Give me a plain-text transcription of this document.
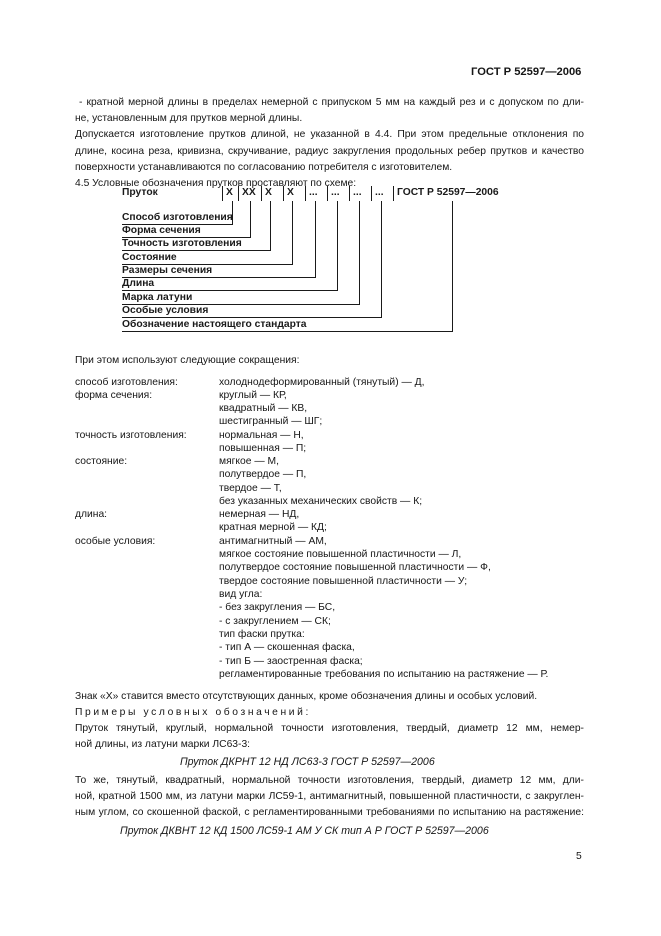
ГОСТ Р 52597—2006
- кратной мерной длины в пределах немерной с припуском 5 мм на каждый рез и с допуском по дли-
не, установленным для прутков мерной длины.
Допускается изготовление прутков длиной, не указанной в 4.4. При этом предельные отклонения по
длине, косина реза, кривизна, скручивание, радиус закругления продольных ребер прутков и качество
поверхности устанавливаются по согласованию потребителя с изготовителем.
4.5 Условные обозначения прутков проставляют по схеме:
Пруток	Х ХХ Х Х ... ... ... ... ГОСТ Р 52597—2006
Способ изготовления
Форма сечения
Точность изготовления
Состояние
Размеры сечения
Длина
Марка латуни
Особые условия
Обозначение настоящего стандарта
При этом используют следующие сокращения:
способ изготовления:	холоднодеформированный (тянутый) — Д,
форма сечения:	круглый — КР,
квадратный — КВ,
шестигранный — ШГ;
точность изготовления:	нормальная — Н,
повышенная — П;
состояние:	мягкое — М,
полутвердое — П,
твердое — Т,
без указанных механических свойств — К;
длина:	немерная — НД,
кратная мерной — КД;
особые условия:	антимагнитный — АМ,
мягкое состояние повышенной пластичности — Л,
полутвердое состояние повышенной пластичности — Ф,
твердое состояние повышенной пластичности — У;
вид угла:
- без закругления — БС,
- с закруглением — СК;
тип фаски прутка:
- тип А — скошенная фаска,
- тип Б — заостренная фаска;
регламентированные требования по испытанию на растяжение — Р.
Знак «Х» ставится вместо отсутствующих данных, кроме обозначения длины и особых условий.
Примеры условных обозначений:
Пруток тянутый, круглый, нормальной точности изготовления, твердый, диаметр 12 мм, немер-
ной длины, из латуни марки ЛС63-3:
Пруток ДКРНТ 12 НД ЛС63-3 ГОСТ Р 52597—2006
То же, тянутый, квадратный, нормальной точности изготовления, твердый, диаметр 12 мм, дли-
ной, кратной 1500 мм, из латуни марки ЛС59-1, антимагнитный, повышенной пластичности, с закруглен-
ным углом, со скошенной фаской, с регламентированными требованиями по испытанию на растяжение:
Пруток ДКВНТ 12 КД 1500 ЛС59-1 АМ У СК тип А Р ГОСТ Р 52597—2006
5
